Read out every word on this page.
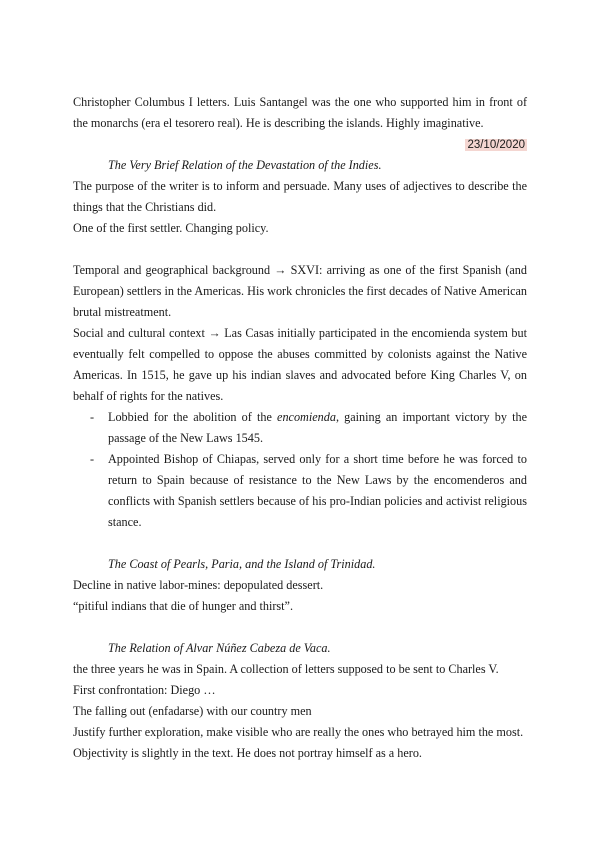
Christopher Columbus I letters. Luis Santangel was the one who supported him in front of the monarchs (era el tesorero real). He is describing the islands. Highly imaginative.

23/10/2020

The Very Brief Relation of the Devastation of the Indies.

The purpose of the writer is to inform and persuade. Many uses of adjectives to describe the things that the Christians did.

One of the first settler. Changing policy.

Temporal and geographical background → SXVI: arriving as one of the first Spanish (and European) settlers in the Americas. His work chronicles the first decades of Native American brutal mistreatment.

Social and cultural context → Las Casas initially participated in the encomienda system but eventually felt compelled to oppose the abuses committed by colonists against the Native Americas. In 1515, he gave up his indian slaves and advocated before King Charles V, on behalf of rights for the natives.

- Lobbied for the abolition of the encomienda, gaining an important victory by the passage of the New Laws 1545.
- Appointed Bishop of Chiapas, served only for a short time before he was forced to return to Spain because of resistance to the New Laws by the encomenderos and conflicts with Spanish settlers because of his pro-Indian policies and activist religious stance.

The Coast of Pearls, Paria, and the Island of Trinidad.

Decline in native labor-mines: depopulated dessert.

“pitiful indians that die of hunger and thirst”.

The Relation of Alvar Núñez Cabeza de Vaca.

the three years he was in Spain. A collection of letters supposed to be sent to Charles V.

First confrontation: Diego …

The falling out (enfadarse) with our country men

Justify further exploration, make visible who are really the ones who betrayed him the most.

Objectivity is slightly in the text. He does not portray himself as a hero.
